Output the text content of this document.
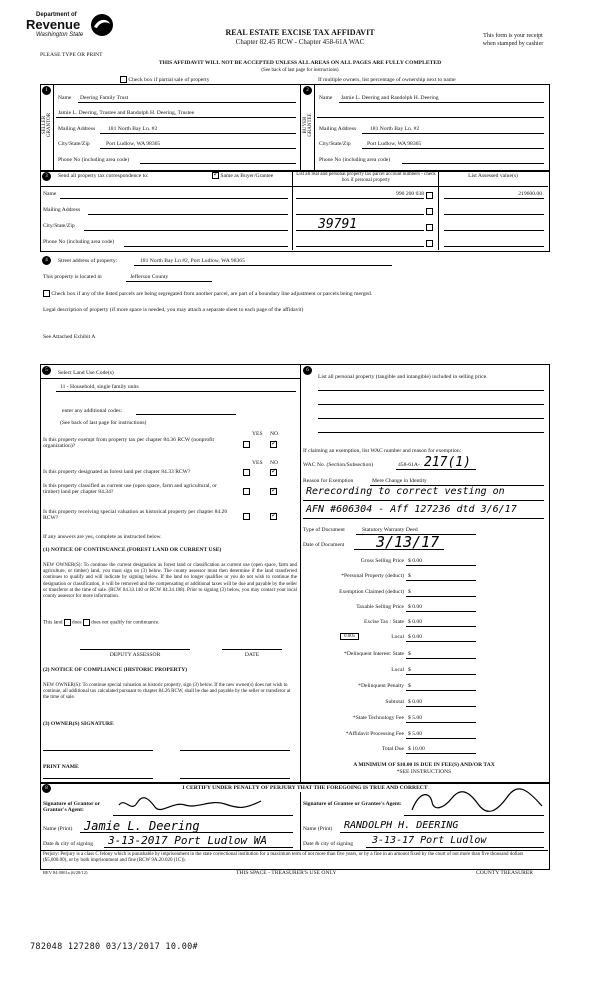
Department of
Revenue
Washington State	REAL ESTATE EXCISE TAX AFFIDAVIT
Chapter 82.45 RCW - Chapter 458-61A WAC
This form is your receipt
when stamped by cashier
PLEASE TYPE OR PRINT
THIS AFFIDAVIT WILL NOT BE ACCEPTED UNLESS ALL AREAS ON ALL PAGES ARE FULLY COMPLETED
(See back of last page for instructions)
Check box if partial sale of property	If multiple owners, list percentage of ownership next to name
1	2
SELLER GRANTOR	BUYER GRANTEE
Name Deering Family Trust
Jamie L. Deering, Trustee and Randolph H. Deering, Trustee
Mailing Address 181 North Bay Ln. #2
City/State/Zip	Port Ludlow, WA 98365
Phone No (including area code)
Name Jamie L. Deering and Randolph H. Deering
Mailing Address 181 North Bay Ln. #2
City/State/Zip	Port Ludlow, WA 98365
Phone No (including area code)
3	Send all property tax correspondence to:	✓ Same as Buyer/Grantee	List all real and personal property tax parcel account numbers - check box if personal property
List Assessed value(s)
Name
Mailing Address
City/State/Zip
Phone No (including area code)
990 200 038	219600.00
39791
4	Street address of property:	181 North Bay Ln #2, Port Ludlow, WA 98365
This property is located in	Jefferson County
Check box if any of the listed parcels are being segregated from another parcel, are part of a boundary line adjustment or parcels being merged.
Legal description of property (if more space is needed, you may attach a separate sheet to each page of the affidavit)
See Attached Exhibit A
5	Select Land Use Code(s)
11 - Household, single family units
enter any additional codes:
(See back of last page for instructions)
YES NO
Is this property exempt from property tax per chapter 84.36 RCW (nonprofit organization)?	✓
YES NO
Is this property designated as forest land per chapter 84.33 RCW?	✓
Is this property classified as current use (open space, farm and agricultural, or timber) land per chapter 84.34?	✓
Is this property receiving special valuation as historical property per chapter 84.26 RCW?	✓
If any answers are yes, complete as instructed below.
(1) NOTICE OF CONTINUANCE (FOREST LAND OR CURRENT USE)
NEW OWNER(S): To continue the current designation as forest land or classification as current use (open space, farm and agriculture, or timber) land, you must sign on (3) below. The county assessor must then determine if the land transferred continues to qualify and will indicate by signing below. If the land no longer qualifies or you do not wish to continue the designation or classification, it will be removed and the compensating or additional taxes will be due and payable by the seller or transferor at the time of sale. (RCW 84.33.140 or RCW 84.34.108). Prior to signing (3) below, you may contact your local county assessor for more information.
This land does does not qualify for continuance.
DEPUTY ASSESSOR	DATE
(2) NOTICE OF COMPLIANCE (HISTORIC PROPERTY)
NEW OWNER(S): To continue special valuation as historic property, sign (3) below. If the new owner(s) does not wish to continue, all additional tax calculated pursuant to chapter 84.26 RCW, shall be due and payable by the seller or transferor at the time of sale.
(3) OWNER(S) SIGNATURE
PRINT NAME
6
List all personal property (tangible and intangible) included in selling price.
If claiming an exemption, list WAC number and reason for exemption:
WAC No. (Section/Subsection)	458-61A- 217(1)
Reason for Exemption	Mere Change in Identity
Rerecording to correct vesting on
AFN #606304 - Aff 127236 dtd 3/6/17
Type of Document	Statutory Warranty Deed
Date of Document 3/13/17
Gross Selling Price $ 0.00
*Personal Property (deduct) $
Exemption Claimed (deduct) $
Taxable Selling Price $ 0.00
Excise Tax : State $ 0.00
0.005	Local $ 0.00
*Delinquent Interest: State $
Local $
*Delinquent Penalty $
Subtotal $ 0.00
*State Technology Fee $ 5.00
*Affidavit Processing Fee $ 5.00
Total Due $ 10.00
A MINIMUM OF $10.00 IS DUE IN FEE(S) AND/OR TAX
*SEE INSTRUCTIONS
8	I CERTIFY UNDER PENALTY OF PERJURY THAT THE FOREGOING IS TRUE AND CORRECT
Signature of Grantor or Grantor's Agent:
Name (Print) Jamie L. Deering
Date & city of signing 3-13-2017 Port Ludlow WA
Signature of Grantee or Grantee's Agent:
Name (Print) RANDOLPH H. DEERING
Date & city of signing 3-13-17 Port Ludlow
Perjury: Perjury is a class C felony which is punishable by imprisonment in the state correctional institution for a maximum term of not more than five years, or by a fine in an amount fixed by the court of not more than five thousand dollars ($5,000.00), or by both imprisonment and fine (RCW 9A.20.020 (1C)).
REV 84 0001a (6/28/12)	THIS SPACE - TREASURER'S USE ONLY	COUNTY TREASURER
782048 127280 03/13/2017 10.00#
